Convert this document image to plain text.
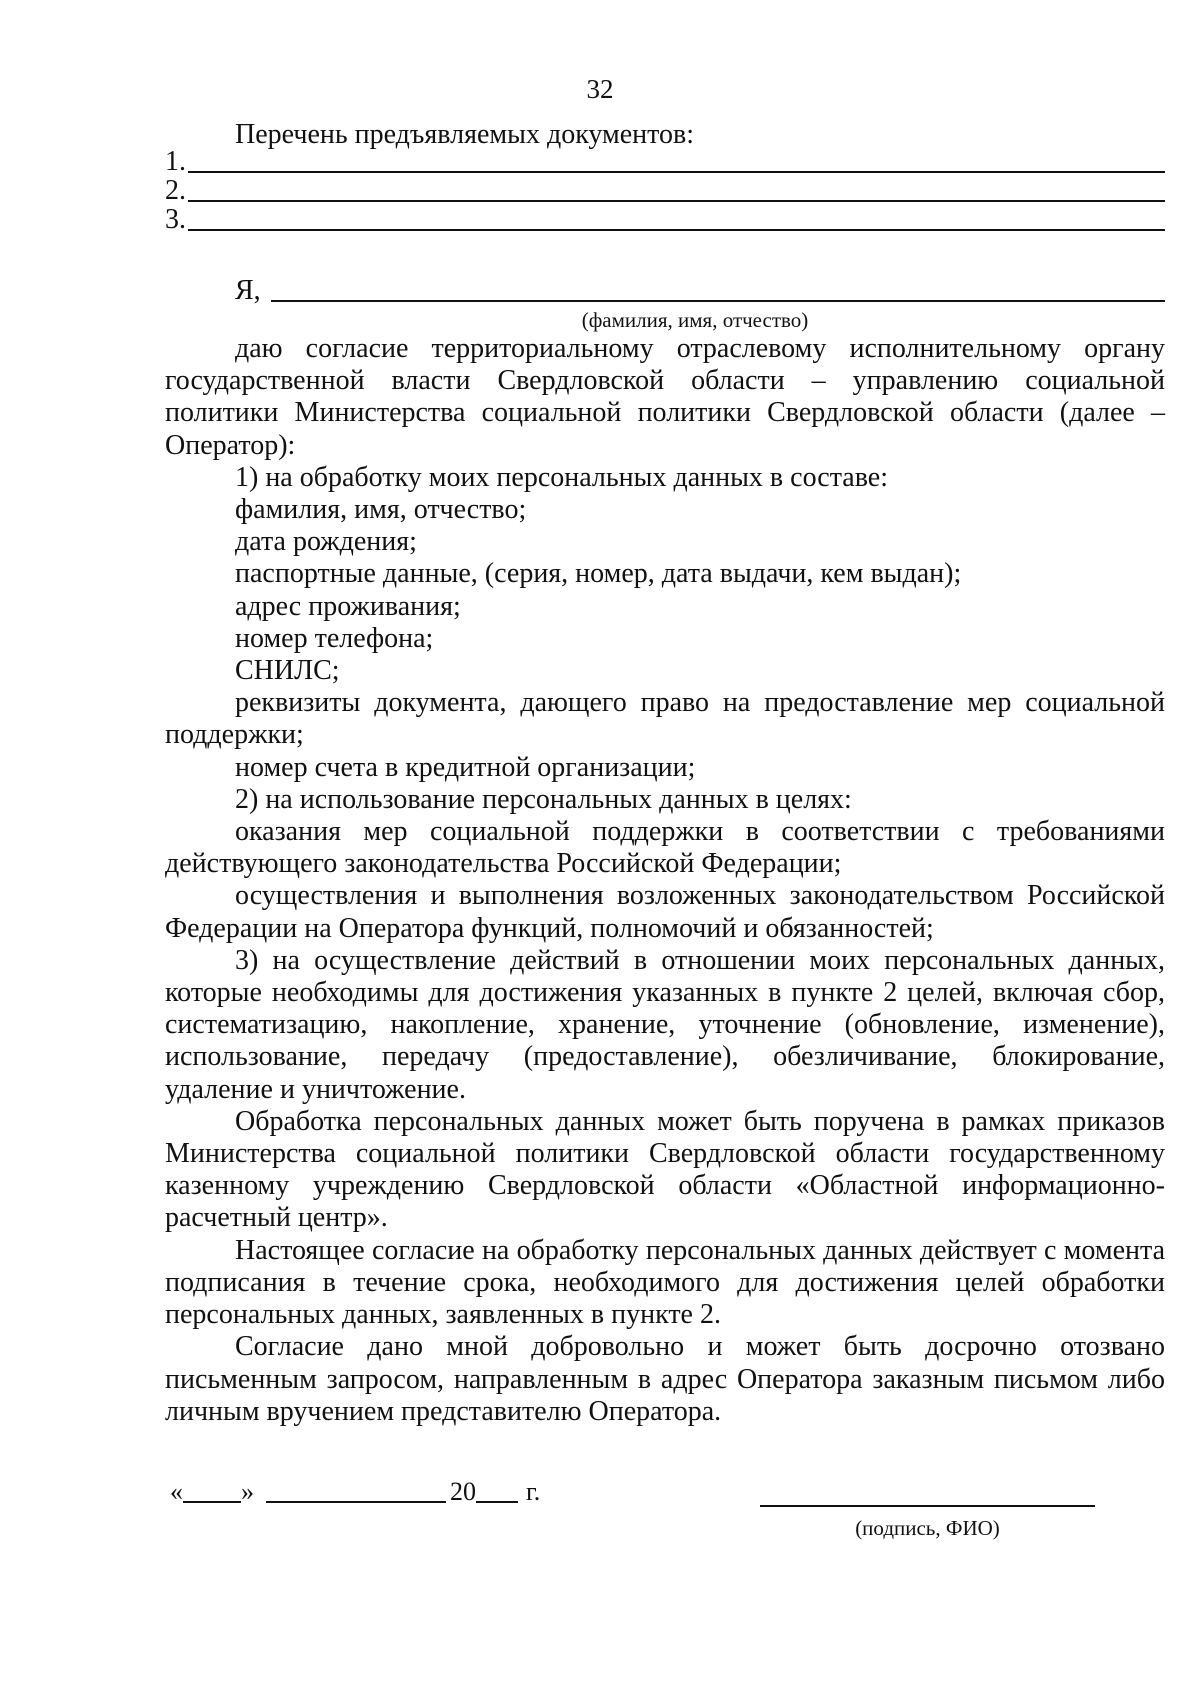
32
Перечень предъявляемых документов:
1.
2.
3.
Я,
(фамилия, имя, отчество)

даю согласие территориальному отраслевому исполнительному органу государственной власти Свердловской области – управлению социальной политики Министерства социальной политики Свердловской области (далее – Оператор):

1) на обработку моих персональных данных в составе:

фамилия, имя, отчество;

дата рождения;

паспортные данные, (серия, номер, дата выдачи, кем выдан);

адрес проживания;

номер телефона;

СНИЛС;

реквизиты документа, дающего право на предоставление мер социальной поддержки;

номер счета в кредитной организации;

2) на использование персональных данных в целях:

оказания мер социальной поддержки в соответствии с требованиями действующего законодательства Российской Федерации;

осуществления и выполнения возложенных законодательством Российской Федерации на Оператора функций, полномочий и обязанностей;

3) на осуществление действий в отношении моих персональных данных, которые необходимы для достижения указанных в пункте 2 целей, включая сбор, систематизацию, накопление, хранение, уточнение (обновление, изменение), использование, передачу (предоставление), обезличивание, блокирование, удаление и уничтожение.

Обработка персональных данных может быть поручена в рамках приказов Министерства социальной политики Свердловской области государственному казенному учреждению Свердловской области «Областной информационно-расчетный центр».

Настоящее согласие на обработку персональных данных действует с момента подписания в течение срока, необходимого для достижения целей обработки персональных данных, заявленных в пункте 2.

Согласие дано мной добровольно и может быть досрочно отозвано письменным запросом, направленным в адрес Оператора заказным письмом либо личным вручением представителю Оператора.

« »	20 г.
(подпись, ФИО)
